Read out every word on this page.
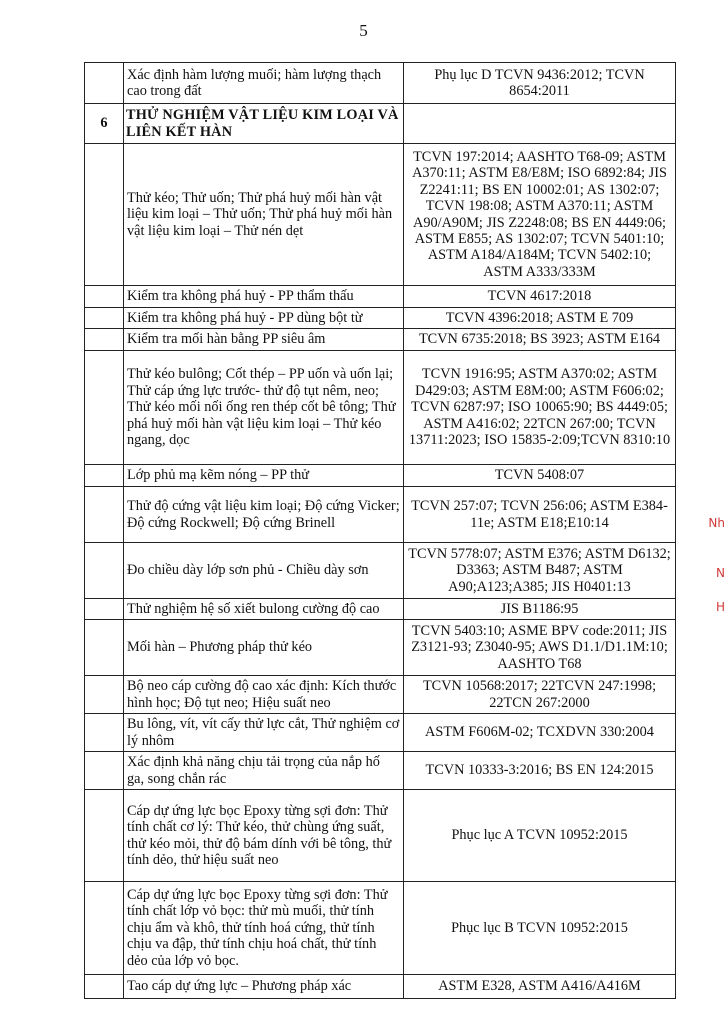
5
	Xác định hàm lượng muối; hàm lượng thạch cao trong đất	Phụ lục D TCVN 9436:2012; TCVN 8654:2011
6	THỬ NGHIỆM VẬT LIỆU KIM LOẠI VÀ LIÊN KẾT HÀN	
	Thử kéo; Thử uốn; Thử phá huỷ mối hàn vật liệu kim loại – Thử uốn; Thử phá huỷ mối hàn vật liệu kim loại – Thử nén dẹt	TCVN 197:2014; AASHTO T68-09; ASTM A370:11; ASTM E8/E8M; ISO 6892:84; JIS Z2241:11; BS EN 10002:01; AS 1302:07; TCVN 198:08; ASTM A370:11; ASTM A90/A90M; JIS Z2248:08; BS EN 4449:06; ASTM E855; AS 1302:07; TCVN 5401:10; ASTM A184/A184M; TCVN 5402:10; ASTM A333/333M
	Kiểm tra không phá huỷ - PP thẩm thấu	TCVN 4617:2018
	Kiểm tra không phá huỷ - PP dùng bột từ	TCVN 4396:2018; ASTM E 709
	Kiểm tra mối hàn bằng PP siêu âm	TCVN 6735:2018; BS 3923; ASTM E164
	Thử kéo bulông; Cốt thép – PP uốn và uốn lại; Thử cáp ứng lực trước- thử độ tụt nêm, neo; Thử kéo mối nối ống ren thép cốt bê tông; Thử phá huỷ mối hàn vật liệu kim loại – Thử kéo ngang, dọc	TCVN 1916:95; ASTM A370:02; ASTM D429:03; ASTM E8M:00; ASTM F606:02; TCVN 6287:97; ISO 10065:90; BS 4449:05; ASTM A416:02; 22TCN 267:00; TCVN 13711:2023; ISO 15835-2:09;TCVN 8310:10
	Lớp phủ mạ kẽm nóng – PP thử	TCVN 5408:07
	Thử độ cứng vật liệu kim loại; Độ cứng Vicker; Độ cứng Rockwell; Độ cứng Brinell	TCVN 257:07; TCVN 256:06; ASTM E384-11e; ASTM E18;E10:14
	Đo chiều dày lớp sơn phủ - Chiều dày sơn	TCVN 5778:07; ASTM E376; ASTM D6132; D3363; ASTM B487; ASTM A90;A123;A385; JIS H0401:13
	Thử nghiệm hệ số xiết bulong cường độ cao	JIS B1186:95
	Mối hàn – Phương pháp thử kéo	TCVN 5403:10; ASME BPV code:2011; JIS Z3121-93; Z3040-95; AWS D1.1/D1.1M:10; AASHTO T68
	Bộ neo cáp cường độ cao xác định: Kích thước hình học; Độ tụt neo; Hiệu suất neo	TCVN 10568:2017; 22TCVN 247:1998; 22TCN 267:2000
	Bu lông, vít, vít cấy thử lực cắt, Thử nghiệm cơ lý nhôm	ASTM F606M-02; TCXDVN 330:2004
	Xác định khả năng chịu tải trọng của nắp hố ga, song chắn rác	TCVN 10333-3:2016; BS EN 124:2015
	Cáp dự ứng lực bọc Epoxy từng sợi đơn: Thử tính chất cơ lý: Thử kéo, thử chùng ứng suất, thử kéo mỏi, thử độ bám dính với bê tông, thử tính dẻo, thử hiệu suất neo	Phục lục A TCVN 10952:2015
	Cáp dự ứng lực bọc Epoxy từng sợi đơn: Thử tính chất lớp vỏ bọc: thử mù muối, thử tính chịu ẩm và khô, thử tính hoá cứng, thử tính chịu va đập, thử tính chịu hoá chất, thử tính dẻo của lớp vỏ bọc.	Phục lục B TCVN 10952:2015
	Tao cáp dự ứng lực – Phương pháp xác	ASTM E328, ASTM A416/A416M
Nh
N
H
